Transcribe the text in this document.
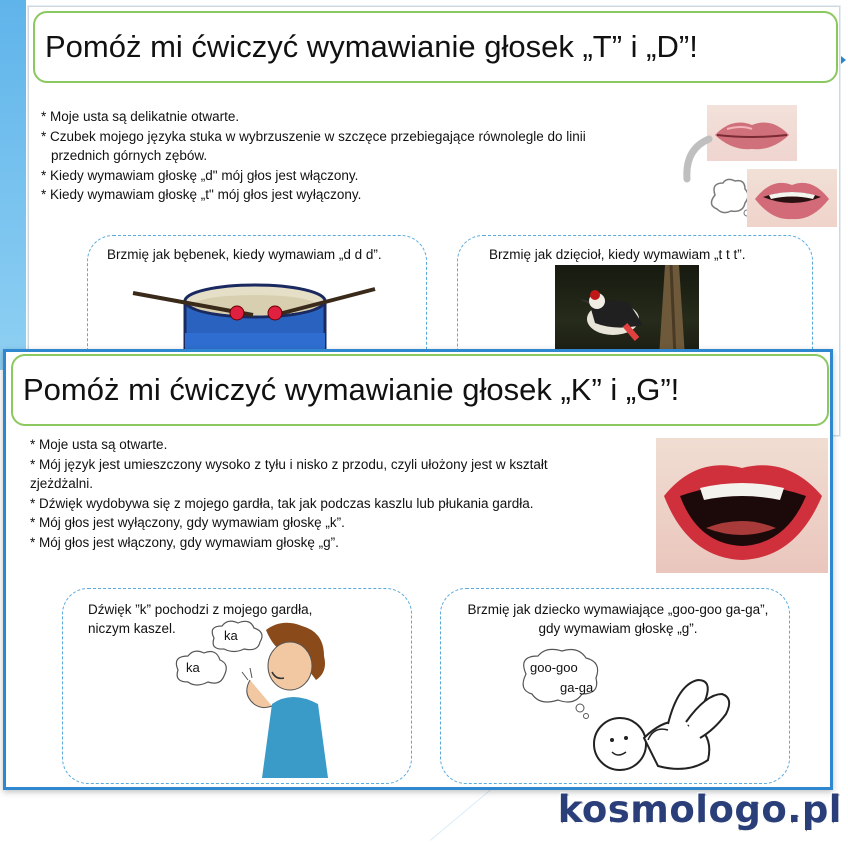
Pomóż mi ćwiczyć wymawianie głosek „T” i „D”!

* Moje usta są delikatnie otwarte.

* Czubek mojego języka stuka w wybrzuszenie w szczęce przebiegające równolegle do linii

przednich górnych zębów.

* Kiedy wymawiam głoskę „d" mój głos jest włączony.

* Kiedy wymawiam głoskę „t" mój głos jest wyłączony.

Brzmię jak bębenek, kiedy wymawiam „d d d”.	Brzmię jak dzięcioł, kiedy wymawiam „t t t”.
Pomóż mi ćwiczyć wymawianie głosek „K” i „G”!

* Moje usta są otwarte.

* Mój język jest umieszczony wysoko z tyłu i nisko z przodu, czyli ułożony jest w kształt

zjeżdżalni.

* Dźwięk wydobywa się z mojego gardła, tak jak podczas kaszlu lub płukania gardła.

* Mój głos jest wyłączony, gdy wymawiam głoskę „k”.

* Mój głos jest włączony, gdy wymawiam głoskę „g”.

Dźwięk ”k” pochodzi z mojego gardła,
niczym kaszel.	ka
ka
Brzmię jak dziecko wymawiające „goo-goo ga-ga”,
gdy wymawiam głoskę „g”.
goo-goo
ga-ga
kosmologo.pl
